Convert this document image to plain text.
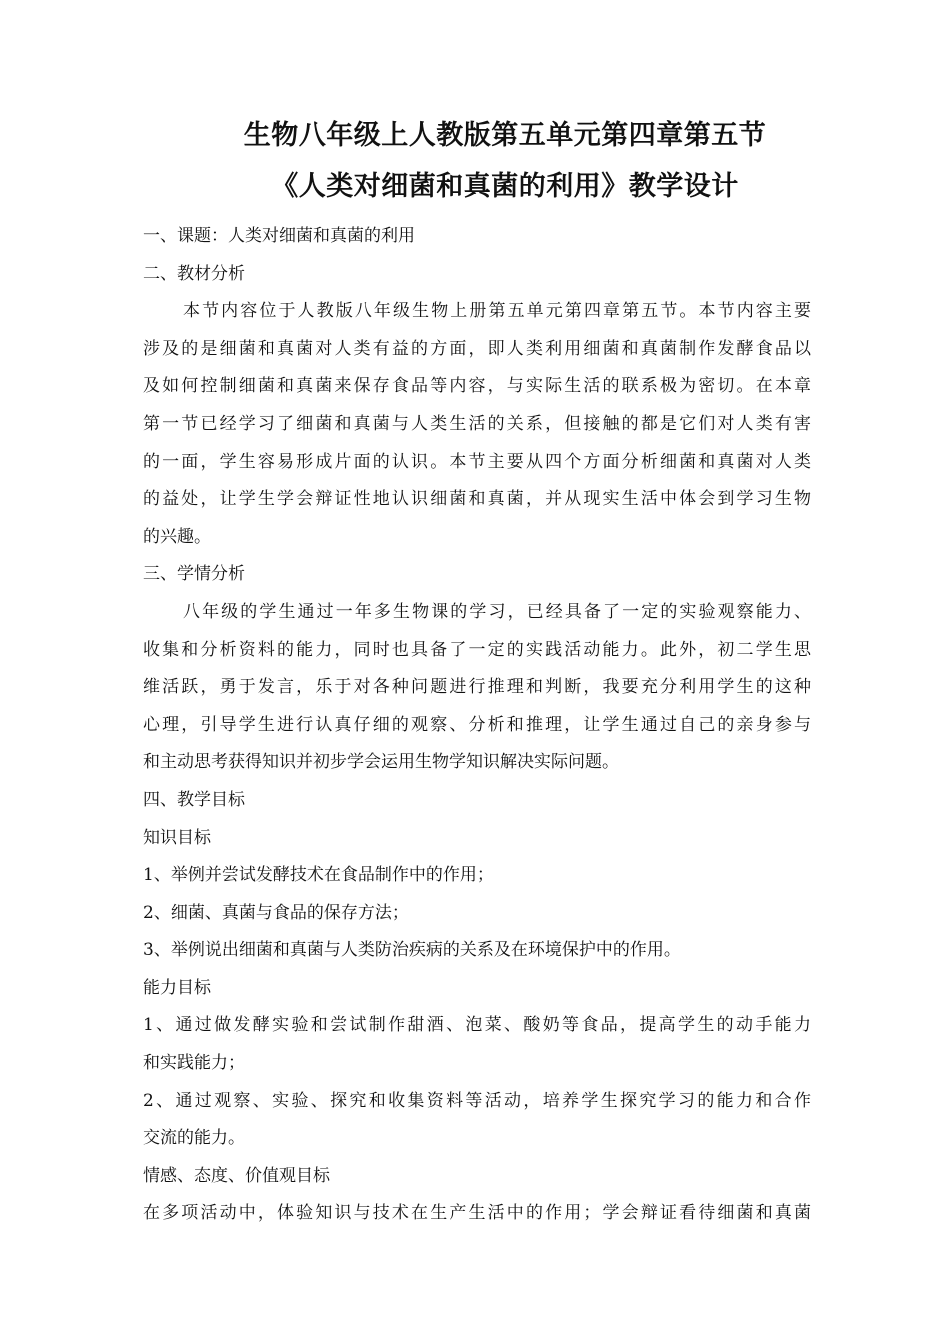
生物八年级上人教版第五单元第四章第五节
《人类对细菌和真菌的利用》教学设计
一、课题：人类对细菌和真菌的利用
二、教材分析
本节内容位于人教版八年级生物上册第五单元第四章第五节。本节内容主要
涉及的是细菌和真菌对人类有益的方面，即人类利用细菌和真菌制作发酵食品以
及如何控制细菌和真菌来保存食品等内容，与实际生活的联系极为密切。在本章
第一节已经学习了细菌和真菌与人类生活的关系，但接触的都是它们对人类有害
的一面，学生容易形成片面的认识。本节主要从四个方面分析细菌和真菌对人类
的益处，让学生学会辩证性地认识细菌和真菌，并从现实生活中体会到学习生物
的兴趣。
三、学情分析
八年级的学生通过一年多生物课的学习，已经具备了一定的实验观察能力、
收集和分析资料的能力，同时也具备了一定的实践活动能力。此外，初二学生思
维活跃，勇于发言，乐于对各种问题进行推理和判断，我要充分利用学生的这种
心理，引导学生进行认真仔细的观察、分析和推理，让学生通过自己的亲身参与
和主动思考获得知识并初步学会运用生物学知识解决实际问题。
四、教学目标
知识目标
1、举例并尝试发酵技术在食品制作中的作用；
2、细菌、真菌与食品的保存方法；
3、举例说出细菌和真菌与人类防治疾病的关系及在环境保护中的作用。
能力目标
1、通过做发酵实验和尝试制作甜酒、泡菜、酸奶等食品，提高学生的动手能力
和实践能力；
2、通过观察、实验、探究和收集资料等活动，培养学生探究学习的能力和合作
交流的能力。
情感、态度、价值观目标
在多项活动中，体验知识与技术在生产生活中的作用；学会辩证看待细菌和真菌
